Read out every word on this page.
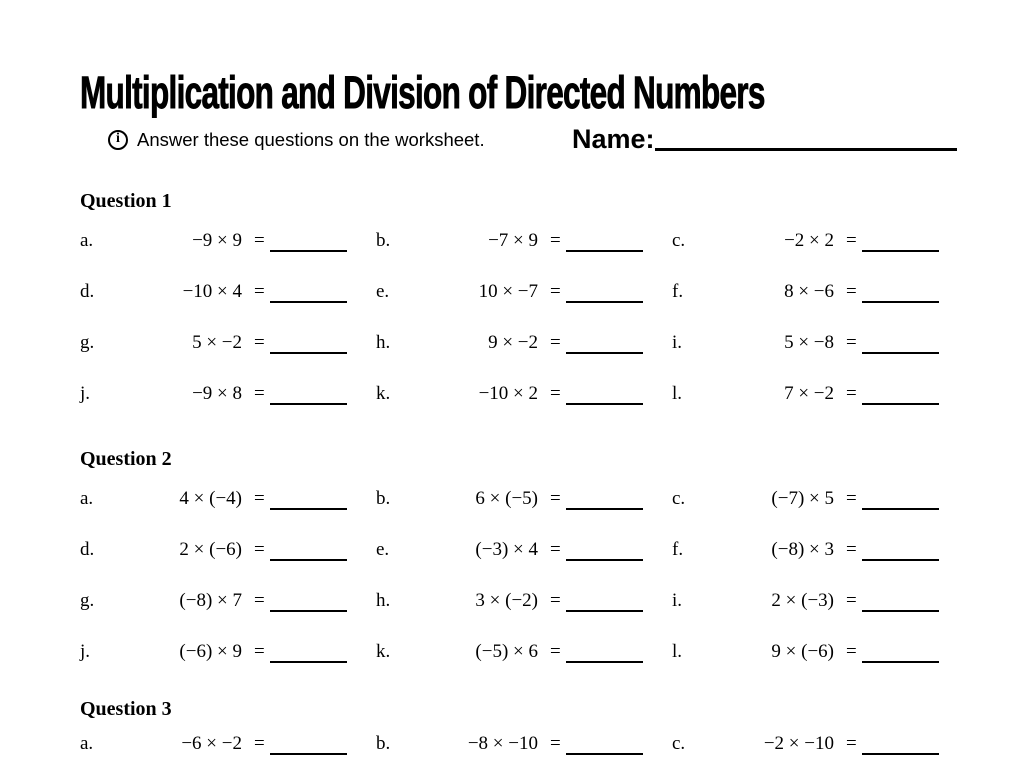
Multiplication and Division of Directed Numbers
i Answer these questions on the worksheet.	Name:
Question 1
a.	−9 × 9 =	b.	−7 × 9 =	c.	−2 × 2 =
d.	−10 × 4 =	e.	10 × −7 =	f.	8 × −6 =
g.	5 × −2 =	h.	9 × −2 =	i.	5 × −8 =
j.	−9 × 8 =	k.	−10 × 2 =	l.	7 × −2 =
Question 2
a.	4 × (−4) =	b.	6 × (−5) =	c.	(−7) × 5 =
d.	2 × (−6) =	e.	(−3) × 4 =	f.	(−8) × 3 =
g.	(−8) × 7 =	h.	3 × (−2) =	i.	2 × (−3) =
j.	(−6) × 9 =	k.	(−5) × 6 =	l.	9 × (−6) =
Question 3
a.	−6 × −2 =	b.	−8 × −10 =	c.	−2 × −10 =
